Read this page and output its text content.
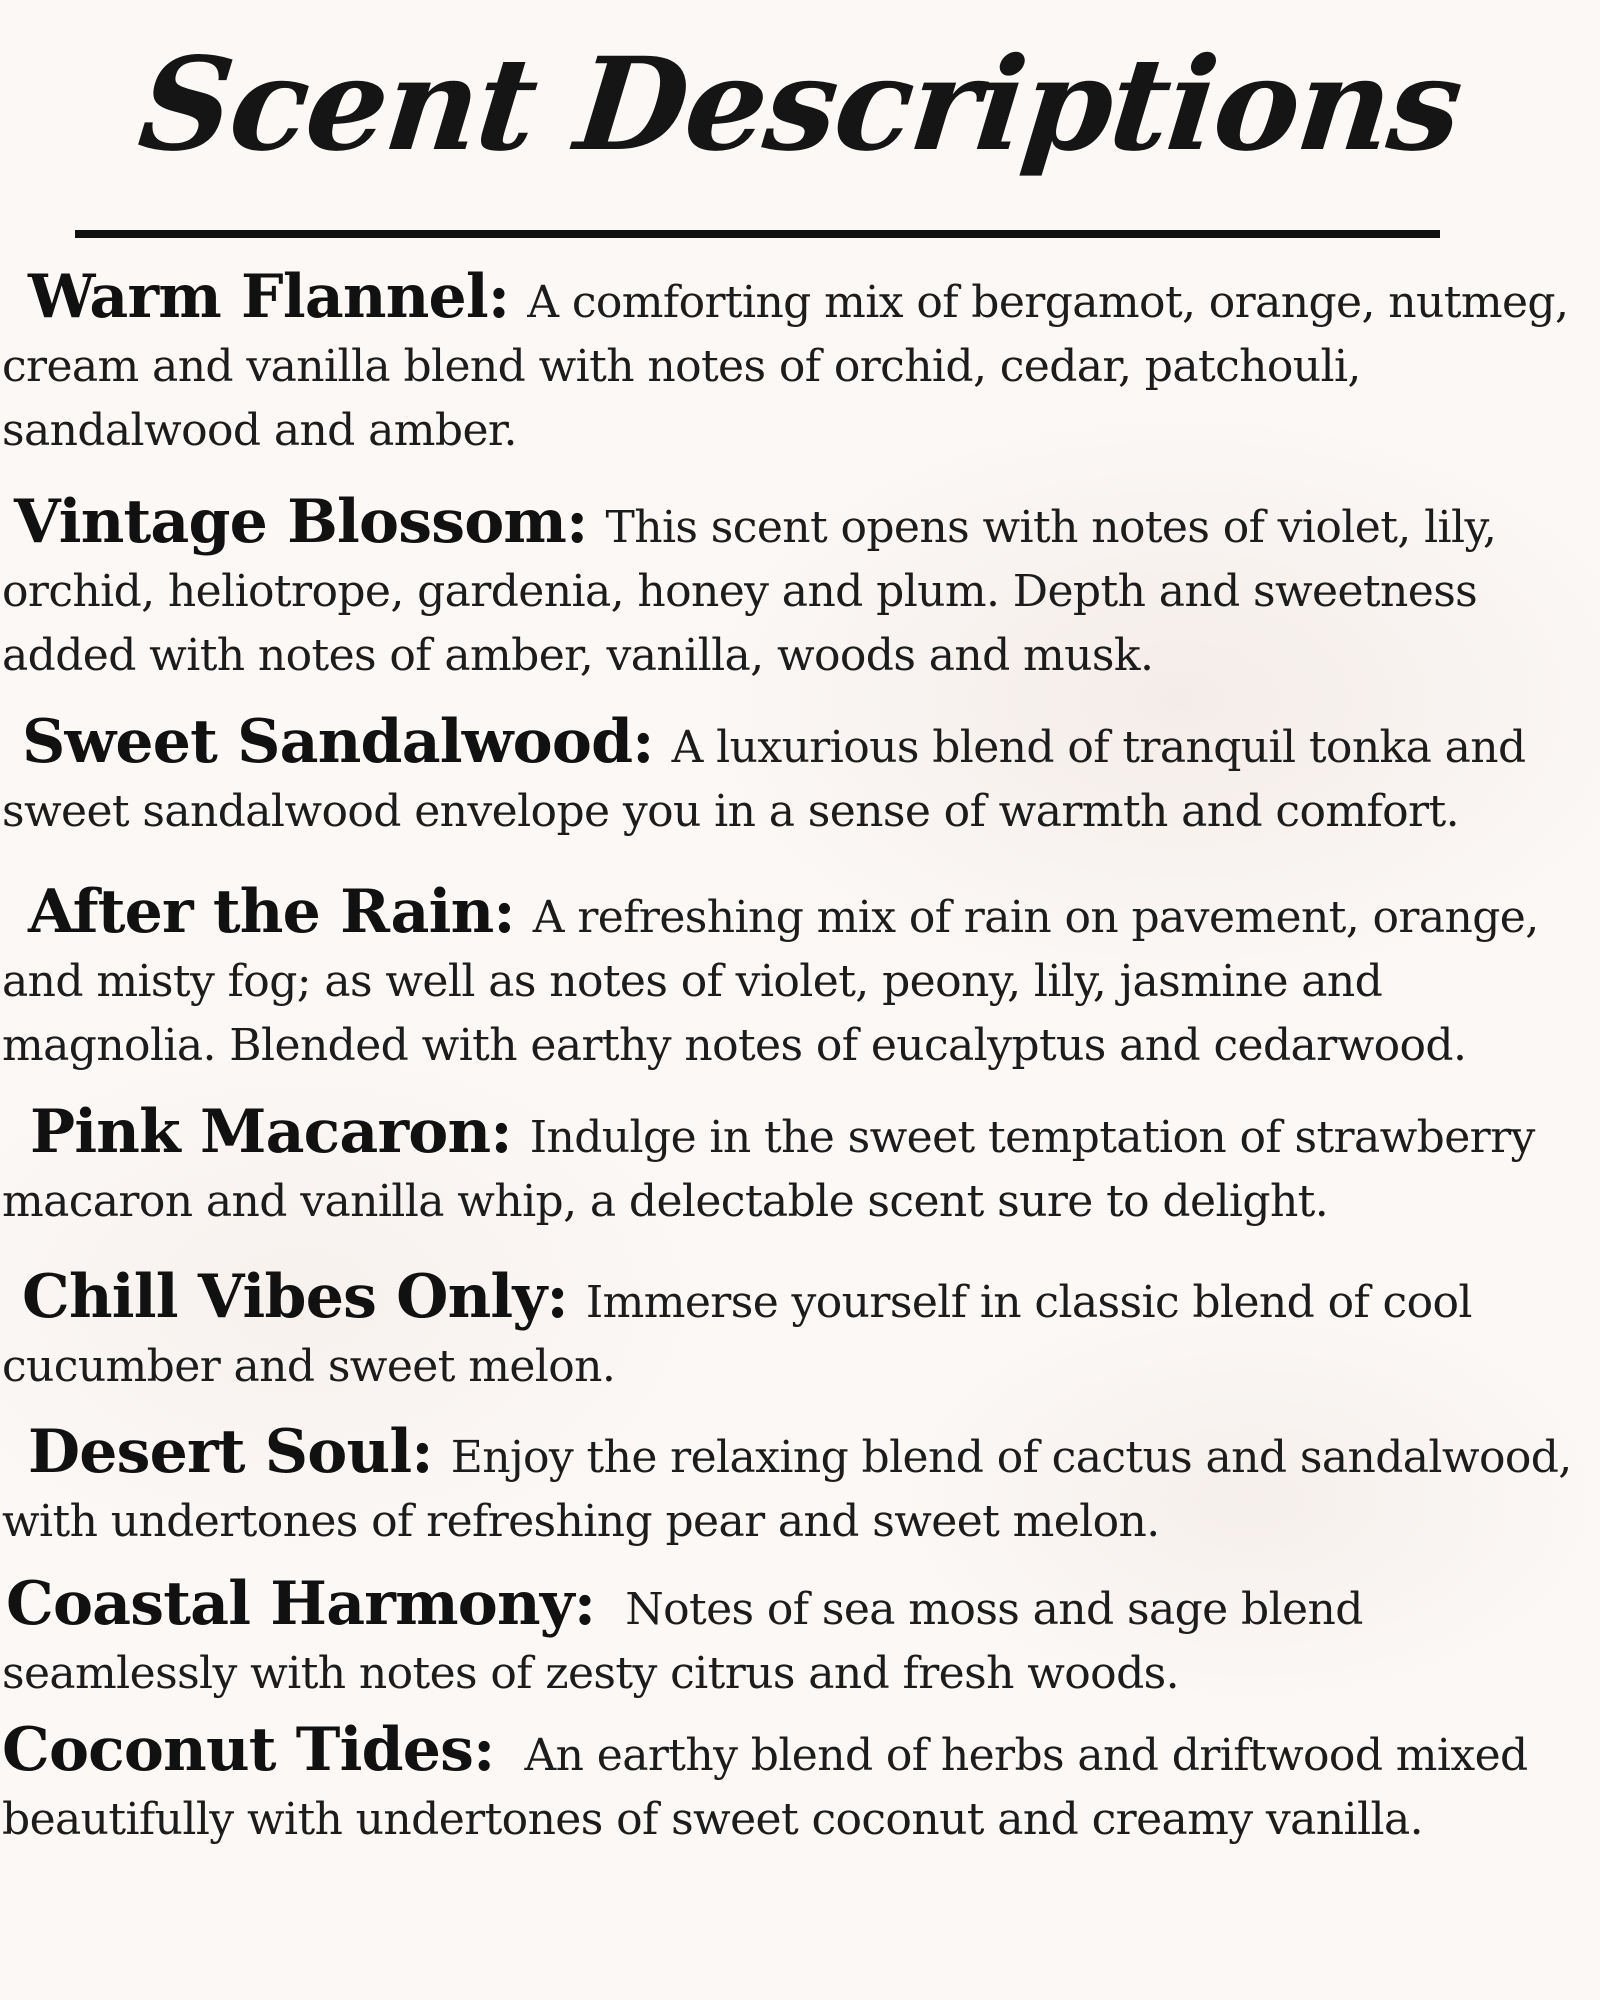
Scent Descriptions
Warm Flannel: A comforting mix of bergamot, orange, nutmeg, cream and vanilla blend with notes of orchid, cedar, patchouli, sandalwood and amber.
Vintage Blossom: This scent opens with notes of violet, lily, orchid, heliotrope, gardenia, honey and plum. Depth and sweetness added with notes of amber, vanilla, woods and musk.
Sweet Sandalwood: A luxurious blend of tranquil tonka and sweet sandalwood envelope you in a sense of warmth and comfort.
After the Rain: A refreshing mix of rain on pavement, orange, and misty fog; as well as notes of violet, peony, lily, jasmine and magnolia. Blended with earthy notes of eucalyptus and cedarwood.
Pink Macaron: Indulge in the sweet temptation of strawberry macaron and vanilla whip, a delectable scent sure to delight.
Chill Vibes Only: Immerse yourself in classic blend of cool cucumber and sweet melon.
Desert Soul: Enjoy the relaxing blend of cactus and sandalwood, with undertones of refreshing pear and sweet melon.
Coastal Harmony: Notes of sea moss and sage blend seamlessly with notes of zesty citrus and fresh woods.
Coconut Tides: An earthy blend of herbs and driftwood mixed beautifully with undertones of sweet coconut and creamy vanilla.
